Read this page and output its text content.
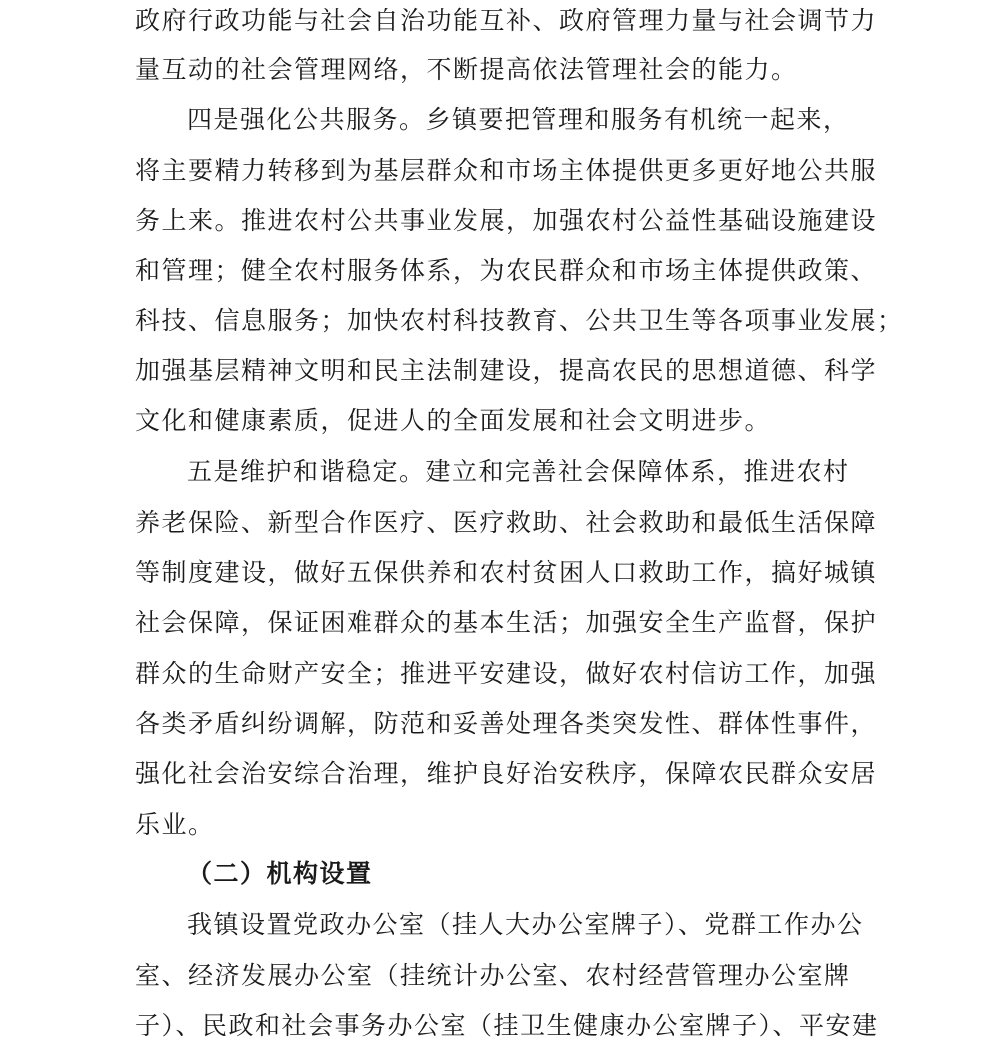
政府行政功能与社会自治功能互补、政府管理力量与社会调节力
量互动的社会管理网络，不断提高依法管理社会的能力。
四是强化公共服务。乡镇要把管理和服务有机统一起来，
将主要精力转移到为基层群众和市场主体提供更多更好地公共服
务上来。推进农村公共事业发展，加强农村公益性基础设施建设
和管理；健全农村服务体系，为农民群众和市场主体提供政策、
科技、信息服务；加快农村科技教育、公共卫生等各项事业发展；
加强基层精神文明和民主法制建设，提高农民的思想道德、科学
文化和健康素质，促进人的全面发展和社会文明进步。
五是维护和谐稳定。建立和完善社会保障体系，推进农村
养老保险、新型合作医疗、医疗救助、社会救助和最低生活保障
等制度建设，做好五保供养和农村贫困人口救助工作，搞好城镇
社会保障，保证困难群众的基本生活；加强安全生产监督，保护
群众的生命财产安全；推进平安建设，做好农村信访工作，加强
各类矛盾纠纷调解，防范和妥善处理各类突发性、群体性事件，
强化社会治安综合治理，维护良好治安秩序，保障农民群众安居
乐业。
（二）机构设置
我镇设置党政办公室（挂人大办公室牌子）、党群工作办公
室、经济发展办公室（挂统计办公室、农村经营管理办公室牌
子）、民政和社会事务办公室（挂卫生健康办公室牌子）、平安建
